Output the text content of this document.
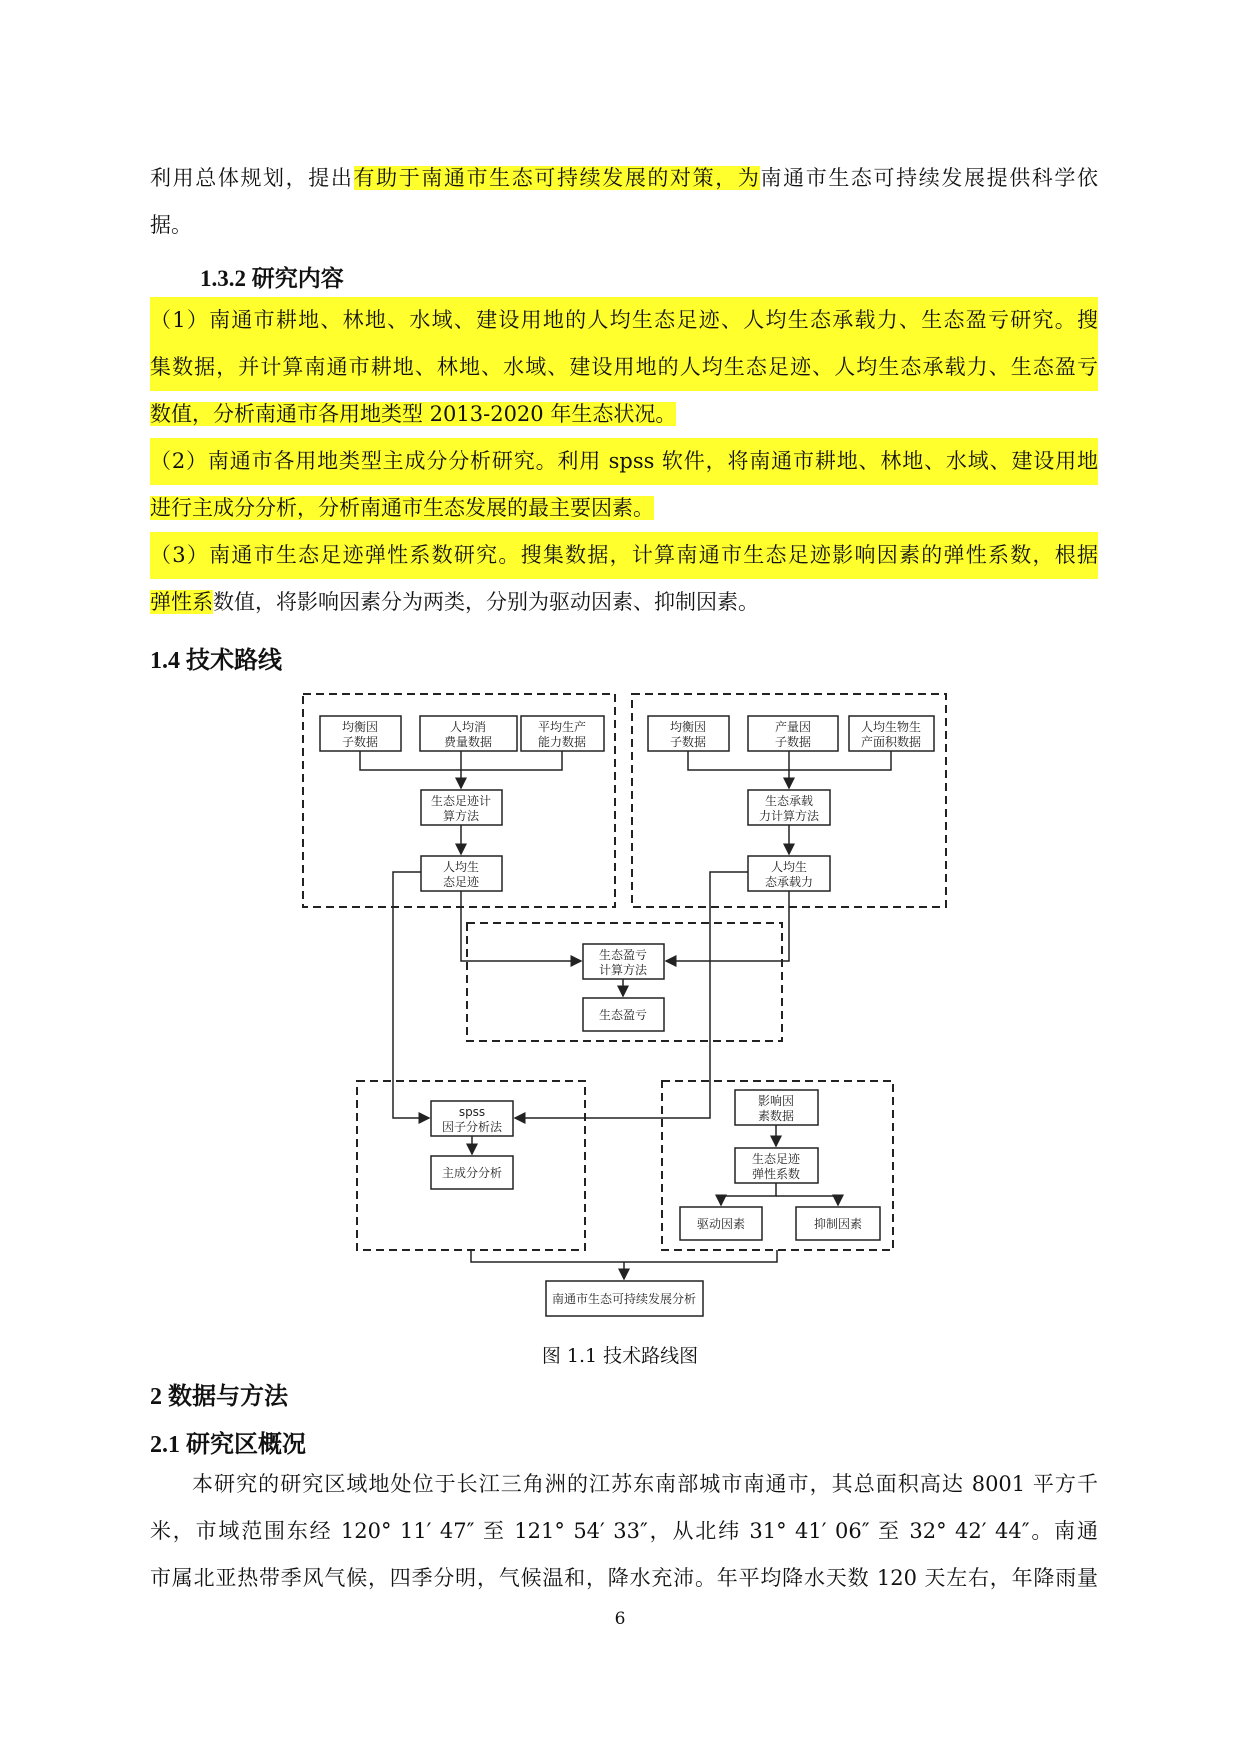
利用总体规划，提出有助于南通市生态可持续发展的对策，为南通市生态可持续发展提供科学依
据。
1.3.2 研究内容
（1）南通市耕地、林地、水域、建设用地的人均生态足迹、人均生态承载力、生态盈亏研究。搜
集数据，并计算南通市耕地、林地、水域、建设用地的人均生态足迹、人均生态承载力、生态盈亏
数值，分析南通市各用地类型 2013-2020 年生态状况。
（2）南通市各用地类型主成分分析研究。利用 spss 软件，将南通市耕地、林地、水域、建设用地
进行主成分分析，分析南通市生态发展的最主要因素。
（3）南通市生态足迹弹性系数研究。搜集数据，计算南通市生态足迹影响因素的弹性系数，根据
弹性系数值，将影响因素分为两类，分别为驱动因素、抑制因素。
1.4 技术路线
均衡因
子数据
人均消
费量数据
平均生产
能力数据
生态足迹计
算方法
人均生
态足迹
均衡因
子数据
产量因
子数据
人均生物生
产面积数据
生态承载
力计算方法
人均生
态承载力
生态盈亏
计算方法
生态盈亏
spss
因子分析法
主成分分析
影响因
素数据
生态足迹
弹性系数
驱动因素	抑制因素
南通市生态可持续发展分析
图 1.1 技术路线图
2 数据与方法
2.1 研究区概况
本研究的研究区域地处位于长江三角洲的江苏东南部城市南通市，其总面积高达 8001 平方千
米，市域范围东经 120° 11′ 47″ 至 121° 54′ 33″，从北纬 31° 41′ 06″ 至 32° 42′ 44″。南通
市属北亚热带季风气候，四季分明，气候温和，降水充沛。年平均降水天数 120 天左右，年降雨量
6
